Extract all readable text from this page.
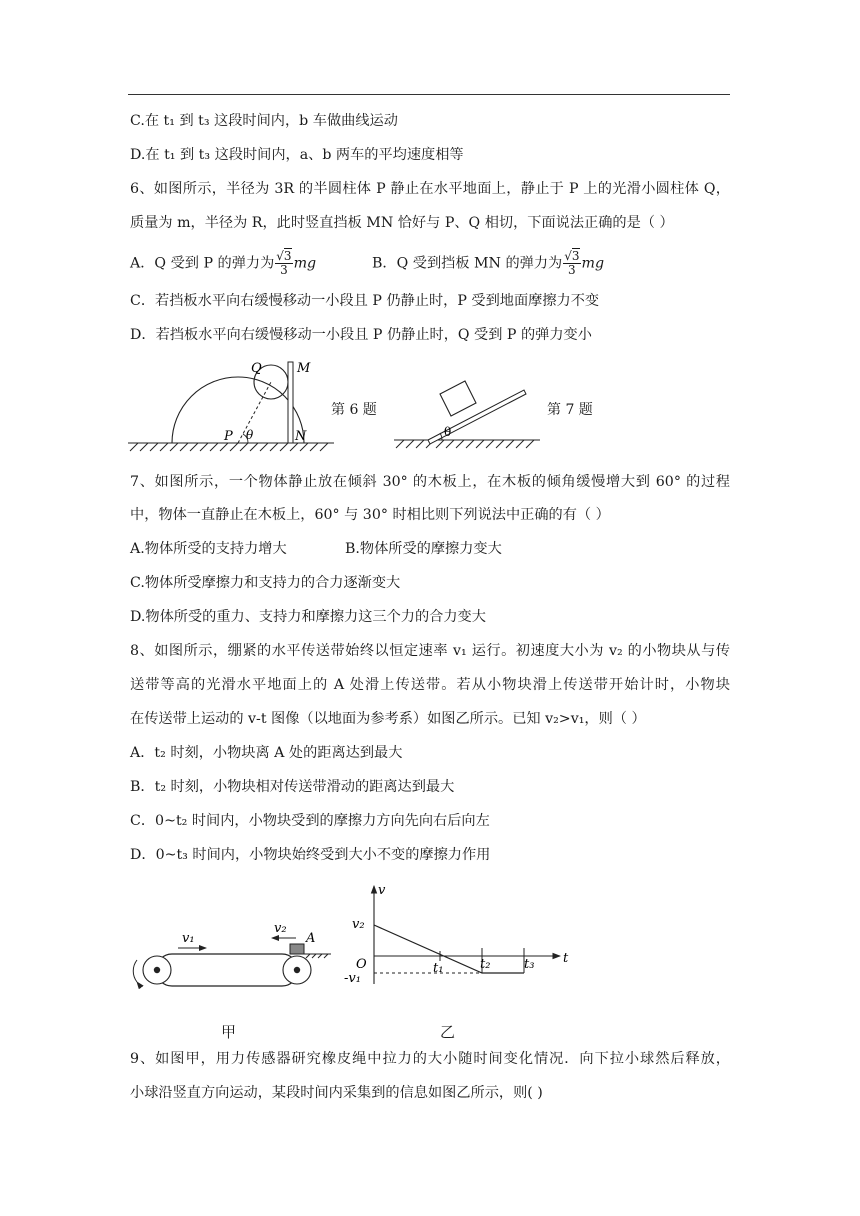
C.在 t₁ 到 t₃ 这段时间内，b 车做曲线运动
D.在 t₁ 到 t₃ 这段时间内，a、b 两车的平均速度相等
6、如图所示，半径为 3R 的半圆柱体 P 静止在水平地面上，静止于 P 上的光滑小圆柱体 Q，
质量为 m，半径为 R，此时竖直挡板 MN 恰好与 P、Q 相切，下面说法正确的是（ ）
A．Q 受到 P 的弹力为 $\frac{√3}{3}$ mg	B．Q 受到挡板 MN 的弹力为 $\frac{√3}{3}$ mg
C．若挡板水平向右缓慢移动一小段且 P 仍静止时，P 受到地面摩擦力不变
D．若挡板水平向右缓慢移动一小段且 P 仍静止时，Q 受到 P 的弹力变小
Q	M
N
P θ
第 6 题
θ
第 7 题
7、如图所示，一个物体静止放在倾斜 30° 的木板上，在木板的倾角缓慢增大到 60° 的过程
中，物体一直静止在木板上，60° 与 30° 时相比则下列说法中正确的有（ ）
A.物体所受的支持力增大	B.物体所受的摩擦力变大
C.物体所受摩擦力和支持力的合力逐渐变大
D.物体所受的重力、支持力和摩擦力这三个力的合力变大
8、如图所示，绷紧的水平传送带始终以恒定速率 v₁ 运行。初速度大小为 v₂ 的小物块从与传
送带等高的光滑水平地面上的 A 处滑上传送带。若从小物块滑上传送带开始计时，小物块
在传送带上运动的 v-t 图像（以地面为参考系）如图乙所示。已知 v₂>v₁，则（ ）
A．t₂ 时刻，小物块离 A 处的距离达到最大
B．t₂ 时刻，小物块相对传送带滑动的距离达到最大
C．0~t₂ 时间内，小物块受到的摩擦力方向先向右后向左
D．0~t₃ 时间内，小物块始终受到大小不变的摩擦力作用
v₁
v₂
A
甲
v
t
O
v₂
-v₁
t₁	t₂	t₃
乙
9、如图甲，用力传感器研究橡皮绳中拉力的大小随时间变化情况．向下拉小球然后释放，
小球沿竖直方向运动，某段时间内采集到的信息如图乙所示，则( )
